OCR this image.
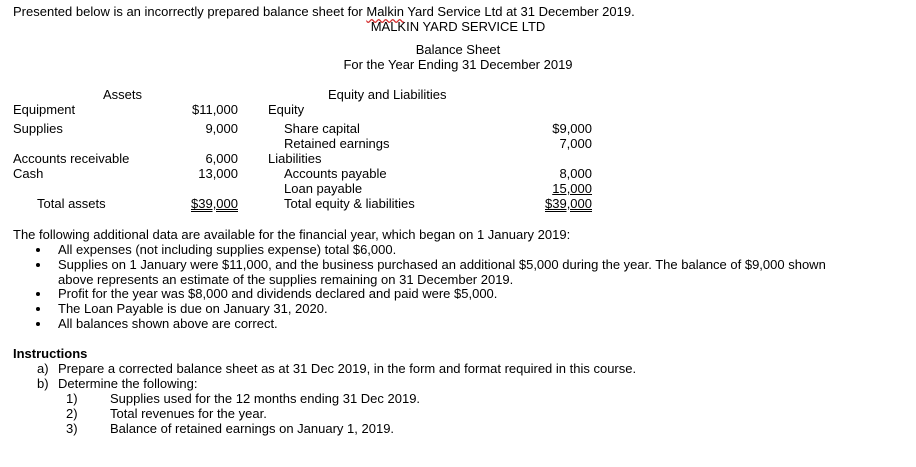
Presented below is an incorrectly prepared balance sheet for Malkin Yard Service Ltd at 31 December 2019.
MALKIN YARD SERVICE LTD
Balance Sheet
For the Year Ending 31 December 2019
Assets
Equipment	$11,000
Supplies	9,000
Accounts receivable	6,000
Cash	13,000
Total assets	$39,000
Equity and Liabilities
Equity
Share capital	$9,000
Retained earnings	7,000
Liabilities
Accounts payable	8,000
Loan payable	15,000
Total equity & liabilities	$39,000
The following additional data are available for the financial year, which began on 1 January 2019:
All expenses (not including supplies expense) total $6,000.
Supplies on 1 January were $11,000, and the business purchased an additional $5,000 during the year. The balance of $9,000 shown
above represents an estimate of the supplies remaining on 31 December 2019.
Profit for the year was $8,000 and dividends declared and paid were $5,000.
The Loan Payable is due on January 31, 2020.
All balances shown above are correct.
Instructions
a) Prepare a corrected balance sheet as at 31 Dec 2019, in the form and format required in this course.
b) Determine the following:
1) Supplies used for the 12 months ending 31 Dec 2019.
2) Total revenues for the year.
3) Balance of retained earnings on January 1, 2019.
